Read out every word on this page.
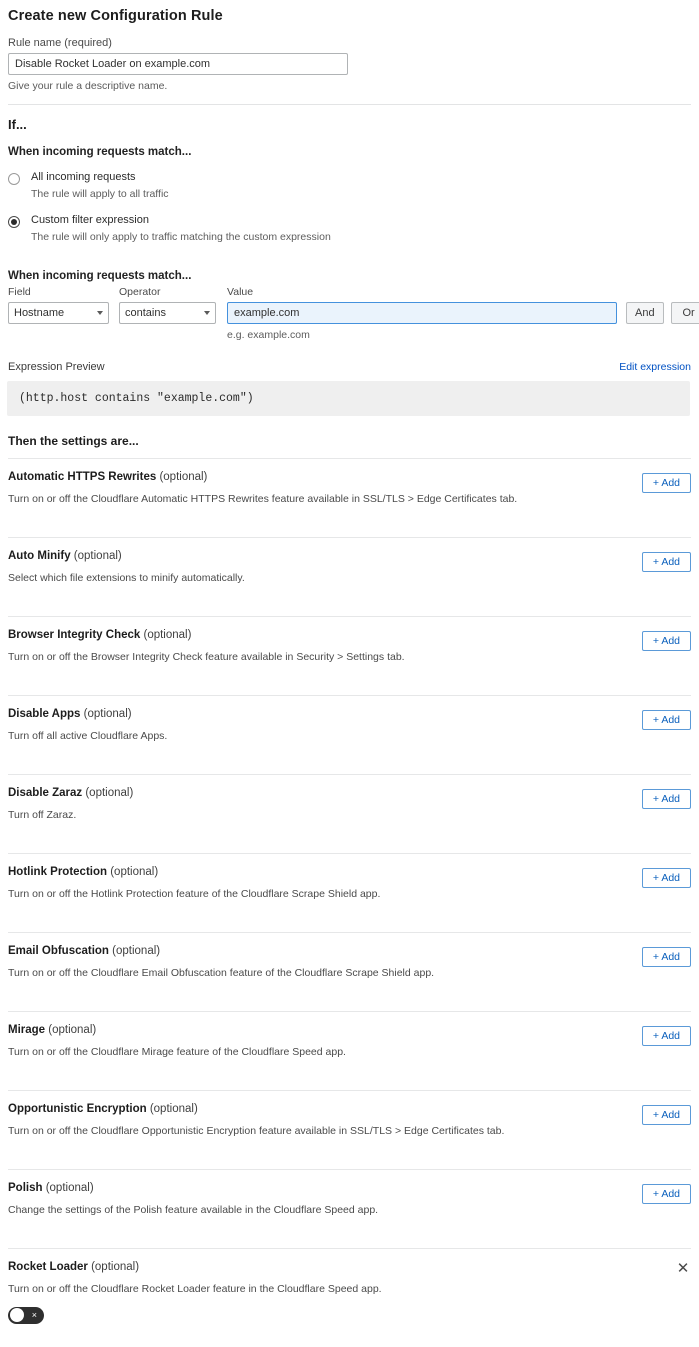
Create new Configuration Rule
Rule name (required)
Disable Rocket Loader on example.com
Give your rule a descriptive name.
If...
When incoming requests match...
All incoming requests
The rule will apply to all traffic
Custom filter expression
The rule will only apply to traffic matching the custom expression
When incoming requests match...
Field
Hostname	Operator
contains	Value
example.com
e.g. example.com
And	Or
Expression Preview	Edit expression
(http.host contains "example.com")
Then the settings are...
Automatic HTTPS Rewrites (optional)
Turn on or off the Cloudflare Automatic HTTPS Rewrites feature available in SSL/TLS > Edge Certificates tab.
+ Add
Auto Minify (optional)
Select which file extensions to minify automatically.
+ Add
Browser Integrity Check (optional)
Turn on or off the Browser Integrity Check feature available in Security > Settings tab.
+ Add
Disable Apps (optional)
Turn off all active Cloudflare Apps.
+ Add
Disable Zaraz (optional)
Turn off Zaraz.
+ Add
Hotlink Protection (optional)
Turn on or off the Hotlink Protection feature of the Cloudflare Scrape Shield app.
+ Add
Email Obfuscation (optional)
Turn on or off the Cloudflare Email Obfuscation feature of the Cloudflare Scrape Shield app.
+ Add
Mirage (optional)
Turn on or off the Cloudflare Mirage feature of the Cloudflare Speed app.
+ Add
Opportunistic Encryption (optional)
Turn on or off the Cloudflare Opportunistic Encryption feature available in SSL/TLS > Edge Certificates tab.
+ Add
Polish (optional)
Change the settings of the Polish feature available in the Cloudflare Speed app.
+ Add
Rocket Loader (optional)
Turn on or off the Cloudflare Rocket Loader feature in the Cloudflare Speed app.
×
✕
